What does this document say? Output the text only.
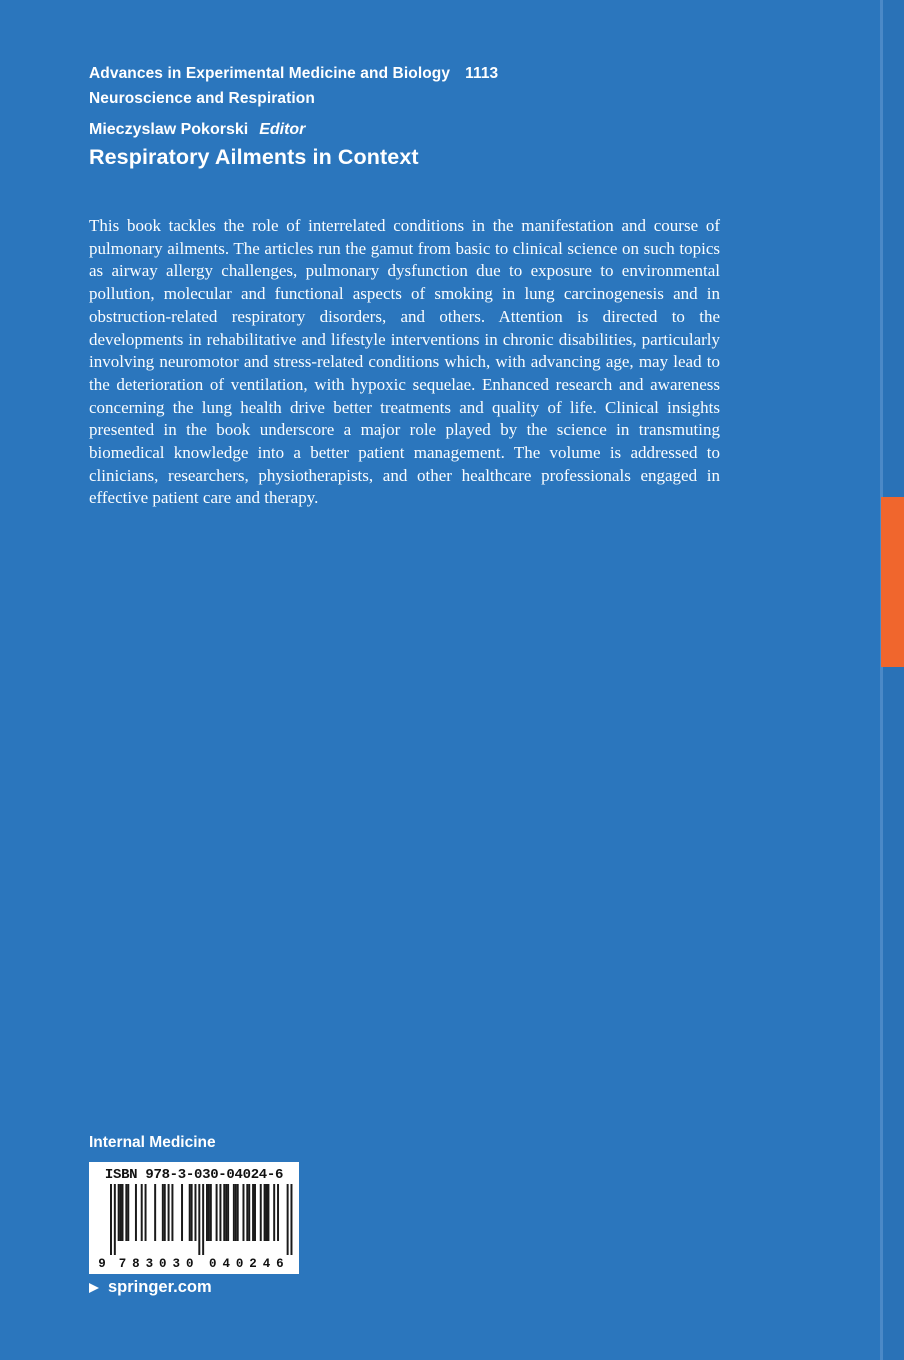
Advances in Experimental Medicine and Biology 1113
Neuroscience and Respiration
Mieczyslaw Pokorski Editor
Respiratory Ailments in Context

This book tackles the role of interrelated conditions in the manifestation and course of pulmonary ailments. The articles run the gamut from basic to clinical science on such topics as airway allergy challenges, pulmonary dysfunction due to exposure to environmental pollution, molecular and functional aspects of smoking in lung carcinogenesis and in obstruction-related respiratory disorders, and others. Attention is directed to the developments in rehabilitative and lifestyle interventions in chronic disabilities, particularly involving neuromotor and stress-related conditions which, with advancing age, may lead to the deterioration of ventilation, with hypoxic sequelae. Enhanced research and awareness concerning the lung health drive better treatments and quality of life. Clinical insights presented in the book underscore a major role played by the science in transmuting biomedical knowledge into a better patient management. The volume is addressed to clinicians, researchers, physiotherapists, and other healthcare professionals engaged in effective patient care and therapy.

Internal Medicine
ISBN 978-3-030-04024-6
9 7 8 3 0 3 0 0 4 0 2 4 6
springer.com
